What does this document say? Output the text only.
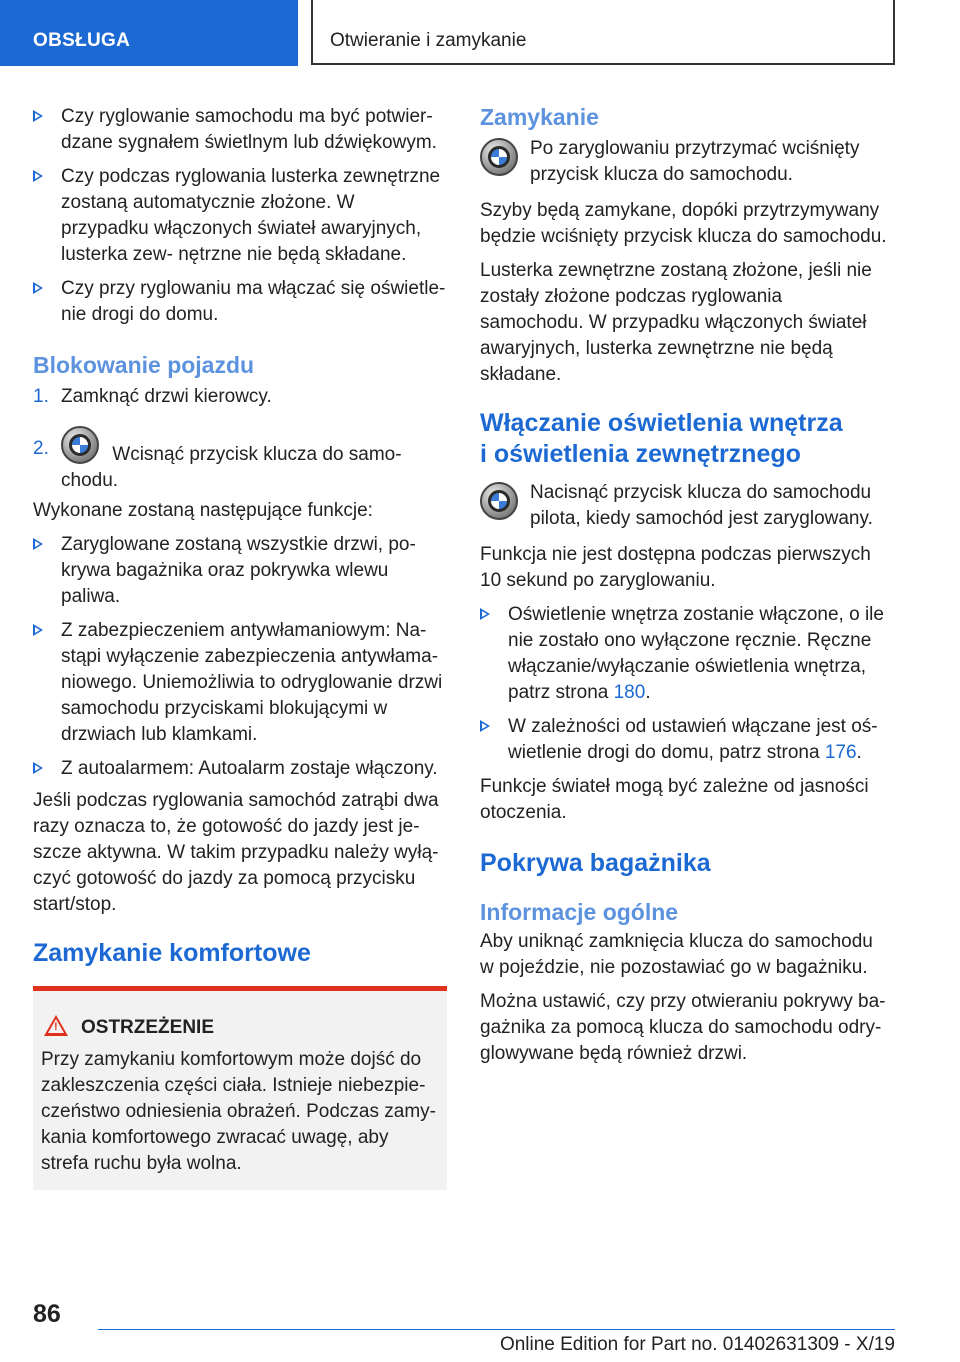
OBSŁUGA	Otwieranie i zamykanie
Czy ryglowanie samochodu ma być potwier- dzane sygnałem świetlnym lub dźwiękowym.
Czy podczas ryglowania lusterka zewnętrzne zostaną automatycznie złożone. W przypadku włączonych świateł awaryjnych, lusterka zew- nętrzne nie będą składane.
Czy przy ryglowaniu ma włączać się oświetle- nie drogi do domu.
Blokowanie pojazdu
1. Zamknąć drzwi kierowcy.
2.	Wcisnąć przycisk klucza do samo- chodu.

Wykonane zostaną następujące funkcje:

Zaryglowane zostaną wszystkie drzwi, po- krywa bagażnika oraz pokrywka wlewu paliwa.
Z zabezpieczeniem antywłamaniowym: Na- stąpi wyłączenie zabezpieczenia antywłama- niowego. Uniemożliwia to odryglowanie drzwi samochodu przyciskami blokującymi w drzwiach lub klamkami.
Z autoalarmem: Autoalarm zostaje włączony.

Jeśli podczas ryglowania samochód zatrąbi dwa razy oznacza to, że gotowość do jazdy jest je- szcze aktywna. W takim przypadku należy wyłą- czyć gotowość do jazdy za pomocą przycisku start/stop.

Zamykanie komfortowe
! OSTRZEŻENIE

Przy zamykaniu komfortowym może dojść do zakleszczenia części ciała. Istnieje niebezpie- czeństwo odniesienia obrażeń. Podczas zamy- kania komfortowego zwracać uwagę, aby strefa ruchu była wolna.

Zamykanie

Po zaryglowaniu przytrzymać wciśnięty przycisk klucza do samochodu.

Szyby będą zamykane, dopóki przytrzymywany będzie wciśnięty przycisk klucza do samochodu.

Lusterka zewnętrzne zostaną złożone, jeśli nie zostały złożone podczas ryglowania samochodu. W przypadku włączonych świateł awaryjnych, lusterka zewnętrzne nie będą składane.

Włączanie oświetlenia wnętrza
i oświetlenia zewnętrznego

Nacisnąć przycisk klucza do samochodu pilota, kiedy samochód jest zaryglowany.

Funkcja nie jest dostępna podczas pierwszych 10 sekund po zaryglowaniu.

Oświetlenie wnętrza zostanie włączone, o ile nie zostało ono wyłączone ręcznie. Ręczne włączanie/wyłączanie oświetlenia wnętrza, patrz strona 180.
W zależności od ustawień włączane jest oś- wietlenie drogi do domu, patrz strona 176.

Funkcje świateł mogą być zależne od jasności otoczenia.

Pokrywa bagażnika
Informacje ogólne

Aby uniknąć zamknięcia klucza do samochodu w pojeździe, nie pozostawiać go w bagażniku.

Można ustawić, czy przy otwieraniu pokrywy ba- gażnika za pomocą klucza do samochodu odry- glowywane będą również drzwi.

86
Online Edition for Part no. 01402631309 - X/19
